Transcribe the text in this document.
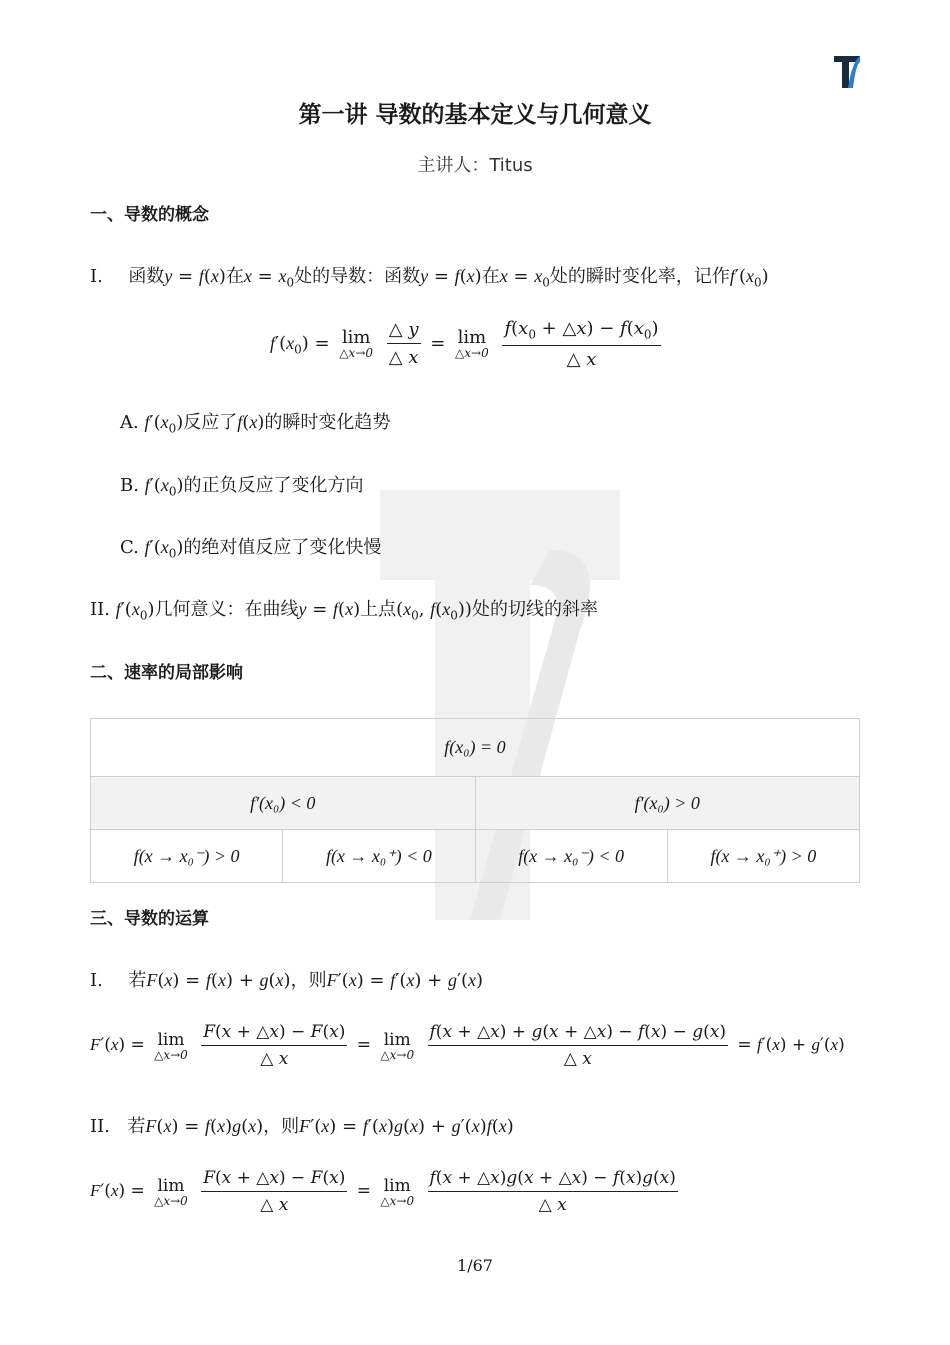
第一讲 导数的基本定义与几何意义
主讲人：Titus
一、导数的概念
I. 函数y = f(x)在$x = x_0$处的导数：函数y = f(x)在$x = x_0$处的瞬时变化率，记作$f'(x_0)$
$f'(x_0) = \lim$
△x→0
$\frac{\triangle y}{\triangle x} = \lim$
△x→0
$\frac{f(x_0 + \triangle x) - f(x_0)}{\triangle x}$
A. $f'(x_0)$反应了f(x)的瞬时变化趋势
B. $f'(x_0)$的正负反应了变化方向
C. $f'(x_0)$的绝对值反应了变化快慢
II. $f'(x_0)$几何意义：在曲线y = f(x)上点($x_0$, $f(x_0)$)处的切线的斜率
二、速率的局部影响
f(x₀) = 0			
f′(x₀) < 0		f′(x₀) > 0	
f(x → x₀⁻) > 0	f(x → x₀⁺) < 0	f(x → x₀⁻) < 0	f(x → x₀⁺) > 0
三、导数的运算
I. 若F(x) = f(x) + g(x)，则F′(x) = f′(x) + g′(x)
F′(x) = lim
△x→0
$\frac{F(x + \triangle x) - F(x)}{\triangle x} = \lim$
△x→0
$\frac{f(x + \triangle x) + g(x + \triangle x) - f(x) - g(x)}{\triangle x} = f'(x) + g'(x)$
II. 若F(x) = f(x)g(x)，则F′(x) = f′(x)g(x) + g′(x)f(x)
F′(x) = lim
△x→0
$\frac{F(x + \triangle x) - F(x)}{\triangle x} = \lim$
△x→0
$\frac{f(x + \triangle x)g(x + \triangle x) - f(x)g(x)}{\triangle x}$
1/67
